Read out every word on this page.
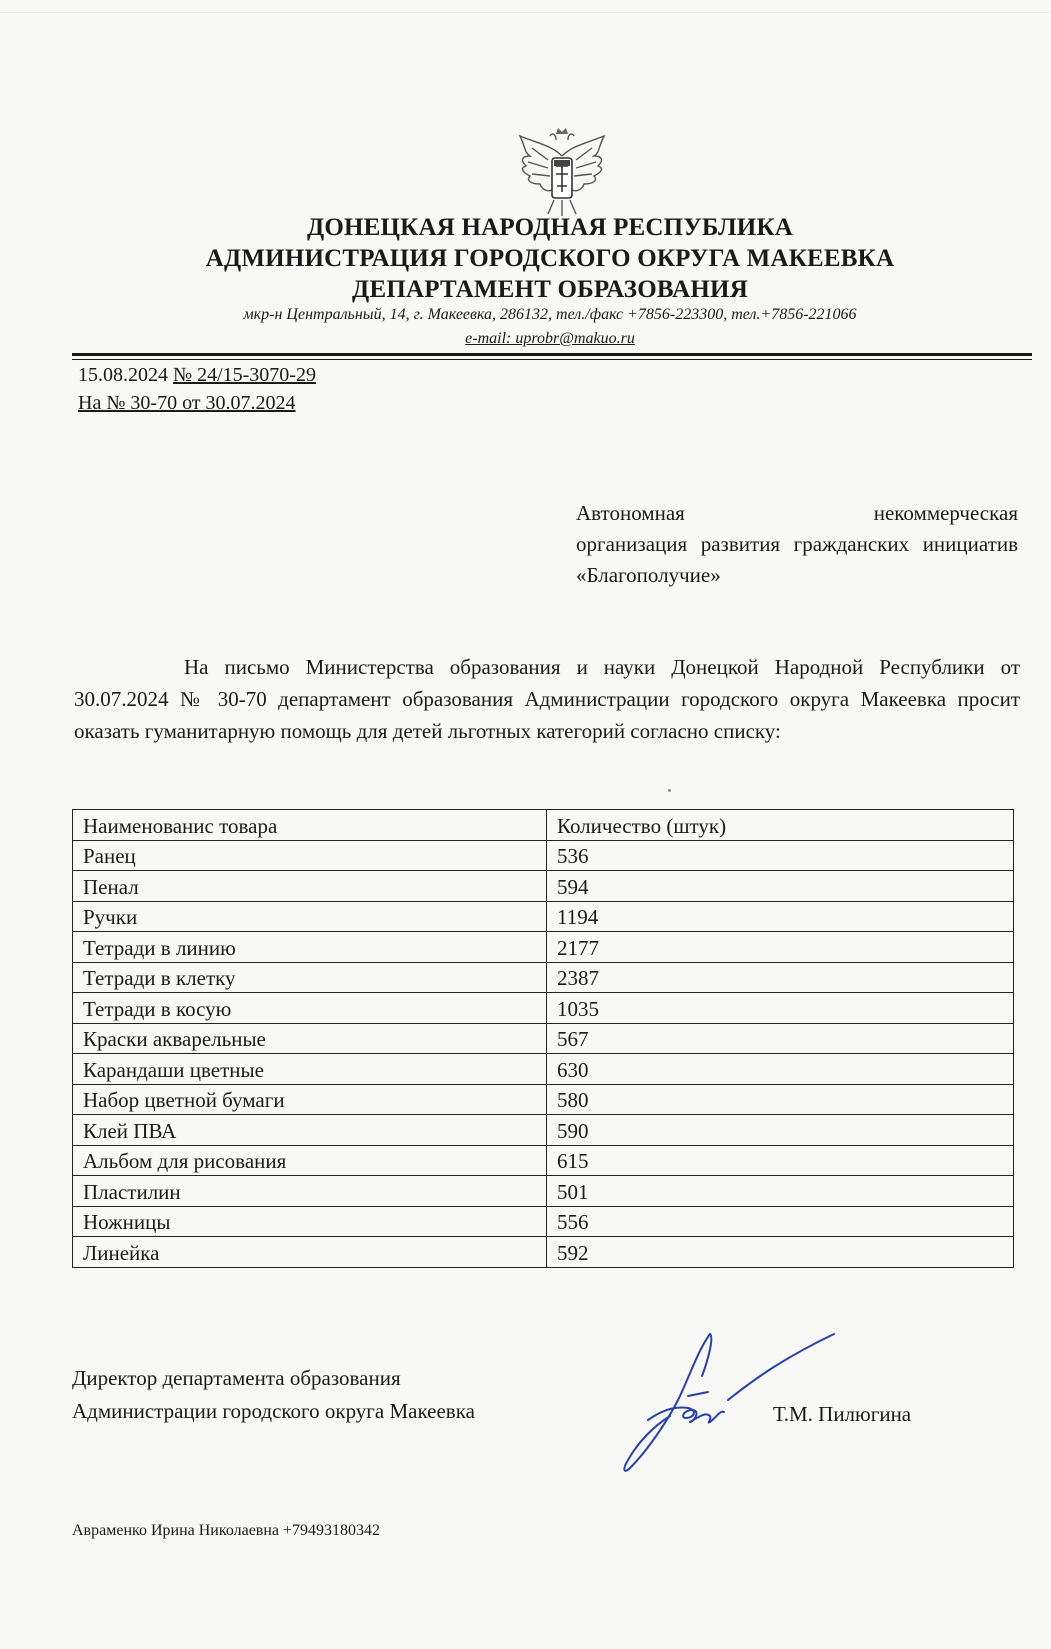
ДОНЕЦКАЯ НАРОДНАЯ РЕСПУБЛИКА
АДМИНИСТРАЦИЯ ГОРОДСКОГО ОКРУГА МАКЕЕВКА
ДЕПАРТАМЕНТ ОБРАЗОВАНИЯ
мкр-н Центральный, 14, г. Макеевка, 286132, тел./факс +7856-223300, тел.+7856-221066
e-mail: uprobr@makuo.ru
15.08.2024 № 24/15-3070-29
На № 30-70 от 30.07.2024
Автономная	некоммерческая
организация развития гражданских инициатив «Благополучие»
На письмо Министерства образования и науки Донецкой Народной Республики от 30.07.2024 № 30-70 департамент образования Администрации городского округа Макеевка просит оказать гуманитарную помощь для детей льготных категорий согласно списку:
Наименованис товара	Количество (штук)
Ранец	536
Пенал	594
Ручки	1194
Тетради в линию	2177
Тетради в клетку	2387
Тетради в косую	1035
Краски акварельные	567
Карандаши цветные	630
Набор цветной бумаги	580
Клей ПВА	590
Альбом для рисования	615
Пластилин	501
Ножницы	556
Линейка	592
Директор департамента образования
Администрации городского округа Макеевка	Т.М. Пилюгина
Авраменко Ирина Николаевна +79493180342
